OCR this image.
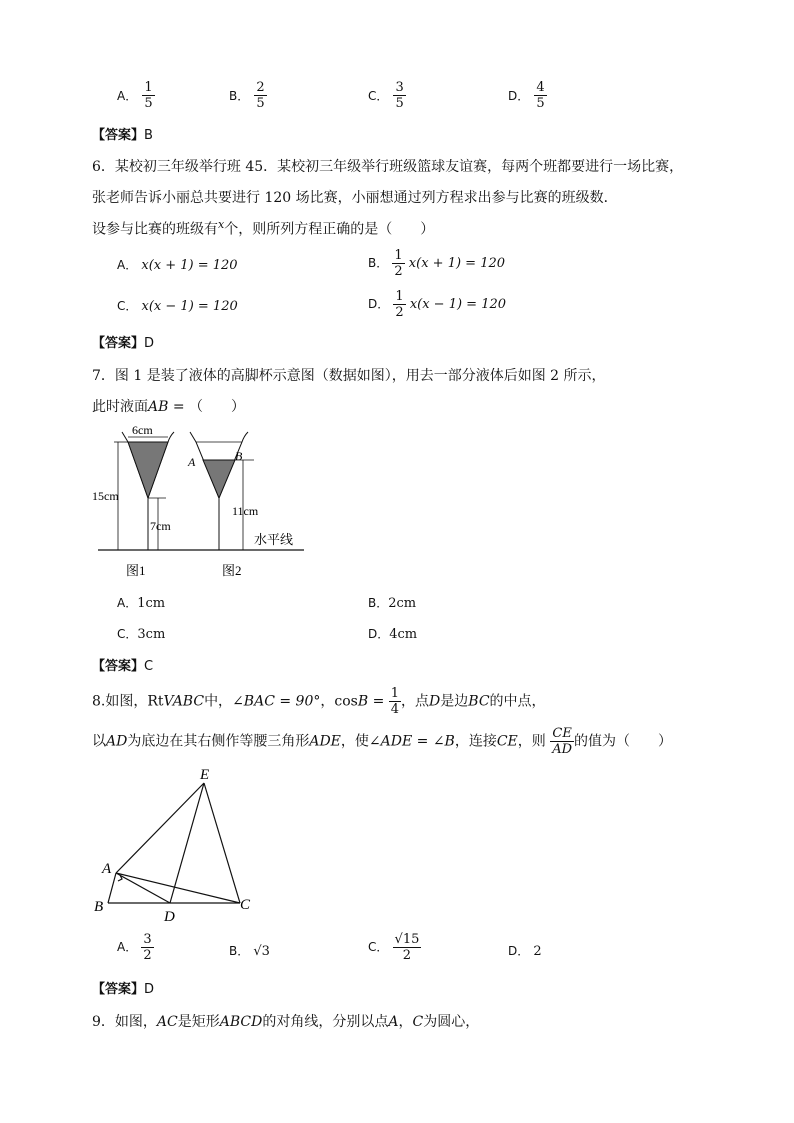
A． $\frac{1}{5}$	B． $\frac{2}{5}$	C． $\frac{3}{5}$	D． $\frac{4}{5}$
【答案】B
6．某校初三年级举行班 45．某校初三年级举行班级篮球友谊赛，每两个班都要进行一场比赛，
张老师告诉小丽总共要进行 120 场比赛，小丽想通过列方程求出参与比赛的班级数．
设参与比赛的班级有$^x$个，则所列方程正确的是（　　）
A． x(x + 1) = 120	B． $\frac{1}{2} x(x + 1) = 120$
C． x(x − 1) = 120	D． $\frac{1}{2} x(x - 1) = 120$
【答案】D
7．图 1 是装了液体的高脚杯示意图（数据如图），用去一部分液体后如图 2 所示，
此时液面AB = （　　）
6cm
15cm
7cm
A	B
11cm
水平线
图1	图2
A．1cm	B．2cm
C．3cm	D．4cm
【答案】C
8.如图，RtVABC中，∠BAC = 90°，$\cos B = \frac{1}{4}$ ，点D是边BC的中点，
以AD为底边在其右侧作等腰三角形ADE，使∠ADE = ∠B，连接CE，则 $\frac{CE}{AD}$ 的值为（　　）
E
A
B
D
C
A． $\frac{3}{2}$	B． √3	C． $\frac{√15}{2}$	D． 2
【答案】D
9．如图，AC是矩形ABCD的对角线，分别以点A，C为圆心，
